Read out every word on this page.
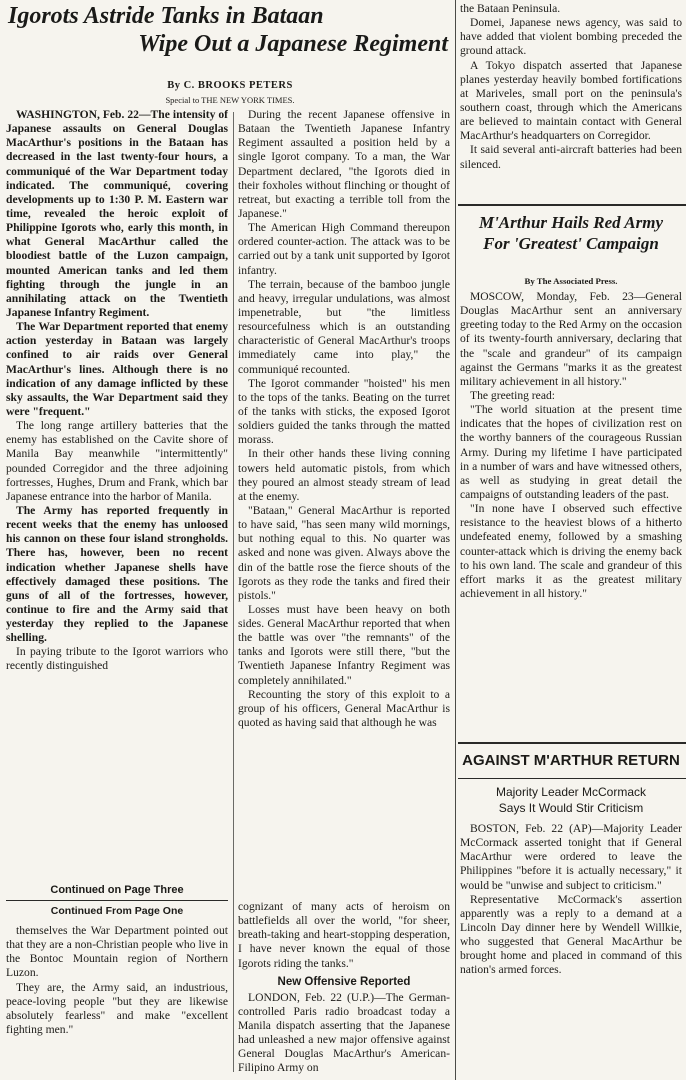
Igorots Astride Tanks in Bataan
Wipe Out a Japanese Regiment
By C. BROOKS PETERS
Special to THE NEW YORK TIMES.

WASHINGTON, Feb. 22—The intensity of Japanese assaults on General Douglas MacArthur's positions in the Bataan has decreased in the last twenty-four hours, a communiqué of the War Department today indicated. The communiqué, covering developments up to 1:30 P. M. Eastern war time, revealed the heroic exploit of Philippine Igorots who, early this month, in what General MacArthur called the bloodiest battle of the Luzon campaign, mounted American tanks and led them fighting through the jungle in an annihilating attack on the Twentieth Japanese Infantry Regiment.

The War Department reported that enemy action yesterday in Bataan was largely confined to air raids over General MacArthur's lines. Although there is no indication of any damage inflicted by these sky assaults, the War Department said they were "frequent."

The long range artillery batteries that the enemy has established on the Cavite shore of Manila Bay meanwhile "intermittently" pounded Corregidor and the three adjoining fortresses, Hughes, Drum and Frank, which bar Japanese entrance into the harbor of Manila.

The Army has reported frequently in recent weeks that the enemy has unloosed his cannon on these four island strongholds. There has, however, been no recent indication whether Japanese shells have effectively damaged these positions. The guns of all of the fortresses, however, continue to fire and the Army said that yesterday they replied to the Japanese shelling.

In paying tribute to the Igorot warriors who recently distinguished

Continued on Page Three
Continued From Page One

themselves the War Department pointed out that they are a non-Christian people who live in the Bontoc Mountain region of Northern Luzon.

They are, the Army said, an industrious, peace-loving people "but they are likewise absolutely fearless" and make "excellent fighting men."

During the recent Japanese offensive in Bataan the Twentieth Japanese Infantry Regiment assaulted a position held by a single Igorot company. To a man, the War Department declared, "the Igorots died in their foxholes without flinching or thought of retreat, but exacting a terrible toll from the Japanese."

The American High Command thereupon ordered counter-action. The attack was to be carried out by a tank unit supported by Igorot infantry.

The terrain, because of the bamboo jungle and heavy, irregular undulations, was almost impenetrable, but "the limitless resourcefulness which is an outstanding characteristic of General MacArthur's troops immediately came into play," the communiqué recounted.

The Igorot commander "hoisted" his men to the tops of the tanks. Beating on the turret of the tanks with sticks, the exposed Igorot soldiers guided the tanks through the matted morass.

In their other hands these living conning towers held automatic pistols, from which they poured an almost steady stream of lead at the enemy.

"Bataan," General MacArthur is reported to have said, "has seen many wild mornings, but nothing equal to this. No quarter was asked and none was given. Always above the din of the battle rose the fierce shouts of the Igorots as they rode the tanks and fired their pistols."

Losses must have been heavy on both sides. General MacArthur reported that when the battle was over "the remnants" of the tanks and Igorots were still there, "but the Twentieth Japanese Infantry Regiment was completely annihilated."

Recounting the story of this exploit to a group of his officers, General MacArthur is quoted as having said that although he was

cognizant of many acts of heroism on battlefields all over the world, "for sheer, breath-taking and heart-stopping desperation, I have never known the equal of those Igorots riding the tanks."

New Offensive Reported

LONDON, Feb. 22 (U.P.)—The German-controlled Paris radio broadcast today a Manila dispatch asserting that the Japanese had unleashed a new major offensive against General Douglas MacArthur's American-Filipino Army on

the Bataan Peninsula.

Domei, Japanese news agency, was said to have added that violent bombing preceded the ground attack.

A Tokyo dispatch asserted that Japanese planes yesterday heavily bombed fortifications at Mariveles, small port on the peninsula's southern coast, through which the Americans are believed to maintain contact with General MacArthur's headquarters on Corregidor.

It said several anti-aircraft batteries had been silenced.

M'Arthur Hails Red Army
For 'Greatest' Campaign
By The Associated Press.

MOSCOW, Monday, Feb. 23—General Douglas MacArthur sent an anniversary greeting today to the Red Army on the occasion of its twenty-fourth anniversary, declaring that the "scale and grandeur" of its campaign against the Germans "marks it as the greatest military achievement in all history."

The greeting read:

"The world situation at the present time indicates that the hopes of civilization rest on the worthy banners of the courageous Russian Army. During my lifetime I have participated in a number of wars and have witnessed others, as well as studying in great detail the campaigns of outstanding leaders of the past.

"In none have I observed such effective resistance to the heaviest blows of a hitherto undefeated enemy, followed by a smashing counter-attack which is driving the enemy back to his own land. The scale and grandeur of this effort marks it as the greatest military achievement in all history."

AGAINST M'ARTHUR RETURN
Majority Leader McCormack
Says It Would Stir Criticism

BOSTON, Feb. 22 (AP)—Majority Leader McCormack asserted tonight that if General MacArthur were ordered to leave the Philippines "before it is actually necessary," it would be "unwise and subject to criticism."

Representative McCormack's assertion apparently was a reply to a demand at a Lincoln Day dinner here by Wendell Willkie, who suggested that General MacArthur be brought home and placed in command of this nation's armed forces.
